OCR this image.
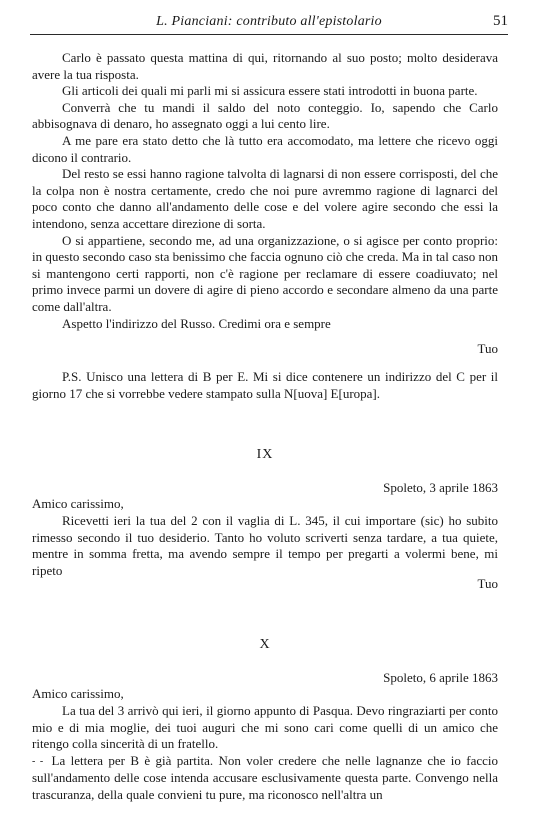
L. Pianciani: contributo all'epistolario	51

Carlo è passato questa mattina di qui, ritornando al suo posto; molto desiderava avere la tua risposta.

Gli articoli dei quali mi parli mi si assicura essere stati introdotti in buona parte.

Converrà che tu mandi il saldo del noto conteggio. Io, sapendo che Carlo abbisognava di denaro, ho assegnato oggi a lui cento lire.

A me pare era stato detto che là tutto era accomodato, ma lettere che ricevo oggi dicono il contrario.

Del resto se essi hanno ragione talvolta di lagnarsi di non essere corrisposti, del che la colpa non è nostra certamente, credo che noi pure avremmo ragione di lagnarci del poco conto che danno all'andamento delle cose e del volere agire secondo che essi la intendono, senza accettare direzione di sorta.

O si appartiene, secondo me, ad una organizzazione, o si agisce per conto proprio: in questo secondo caso sta benissimo che faccia ognuno ciò che creda. Ma in tal caso non si mantengono certi rapporti, non c'è ragione per reclamare di essere coadiuvato; nel primo invece parmi un dovere di agire di pieno accordo e secondare almeno da una parte come dall'altra.

Aspetto l'indirizzo del Russo. Credimi ora e sempre

Tuo

P.S. Unisco una lettera di B per E. Mi si dice contenere un indirizzo del C per il giorno 17 che si vorrebbe vedere stampato sulla N[uova] E[uropa].

IX
Spoleto, 3 aprile 1863
Amico carissimo,

Ricevetti ieri la tua del 2 con il vaglia di L. 345, il cui importare (sic) ho subito rimesso secondo il tuo desiderio. Tanto ho voluto scriverti senza tardare, a tua quiete, mentre in somma fretta, ma avendo sempre il tempo per pregarti a volermi bene, mi ripeto

Tuo
X
Spoleto, 6 aprile 1863
Amico carissimo,

La tua del 3 arrivò qui ieri, il giorno appunto di Pasqua. Devo ringraziarti per conto mio e di mia moglie, dei tuoi auguri che mi sono cari come quelli di un amico che ritengo colla sincerità di un fratello.

- - La lettera per B è già partita. Non voler credere che nelle lagnanze che io faccio sull'andamento delle cose intenda accusare esclusivamente questa parte. Convengo nella trascuranza, della quale convieni tu pure, ma riconosco nell'altra un
